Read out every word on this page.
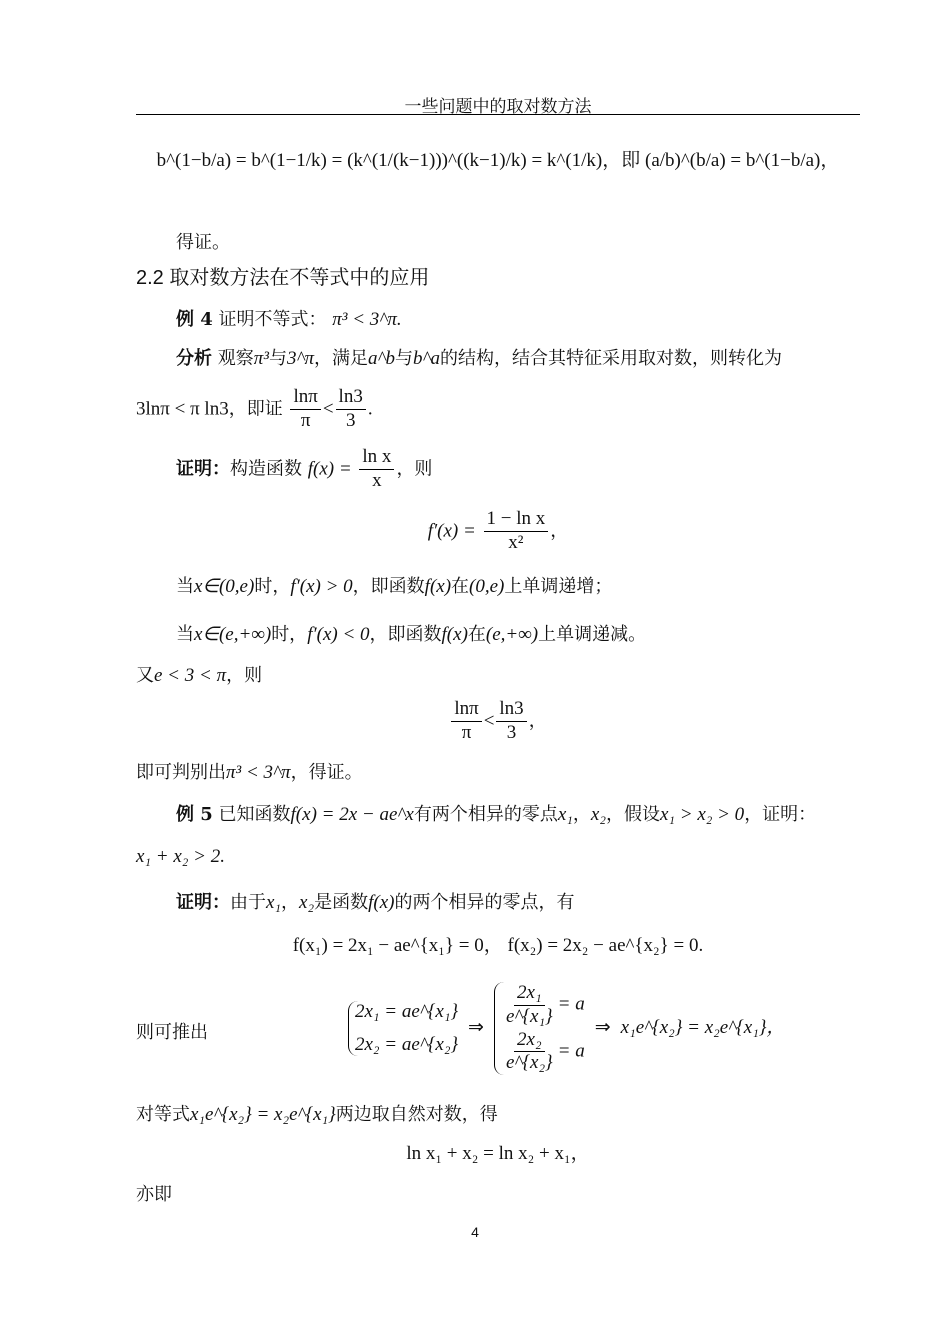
一些问题中的取对数方法
b^(1−b/a) = b^(1−1/k) = (k^(1/(k−1)))^((k−1)/k) = k^(1/k)，即 (a/b)^(b/a) = b^(1−b/a)，
得证。
2.2 取对数方法在不等式中的应用
例 4 证明不等式： π³ < 3^π.
分析 观察π³与3^π，满足a^b与b^a的结构，结合其特征采用取对数，则转化为
3lnπ < π ln3，即证 $\frac{\ln\pi}{\pi} < \frac{\ln 3}{3}$ .
证明：构造函数 $f(x) = \frac{\text{ln x}}{x}$ ，则
$f'(x) = \frac{\text{1 − ln x}}{\text{x²}}$ ，
当x∈(0,e)时，f′(x) > 0，即函数f(x)在(0,e)上单调递增；
当x∈(e,+∞)时，f′(x) < 0，即函数f(x)在(e,+∞)上单调递减。
又e < 3 < π，则
$\frac{\ln\pi}{\pi} < \frac{\ln 3}{3}$ ，
即可判别出π³ < 3^π，得证。
例 5 已知函数f(x) = 2x − ae^x有两个相异的零点x₁，x₂，假设x₁ > x₂ > 0，证明：
x₁ + x₂ > 2.
证明：由于x₁，x₂是函数f(x)的两个相异的零点，有
f(x₁) = 2x₁ − ae^{x₁} = 0， f(x₂) = 2x₂ − ae^{x₂} = 0.
则可推出
2x₁ = ae^{x₁}
2x₂ = ae^{x₂}
⇒ $\frac{\text{2x₁}}{\text{e\textasciicircum{}\{x₁\}}} = a$
$\frac{\text{2x₂}}{\text{e\textasciicircum{}\{x₂\}}} = a$
⇒ x₁e^{x₂} = x₂e^{x₁}，
对等式x₁e^{x₂} = x₂e^{x₁}两边取自然对数，得
ln x₁ + x₂ = ln x₂ + x₁，
亦即
4
